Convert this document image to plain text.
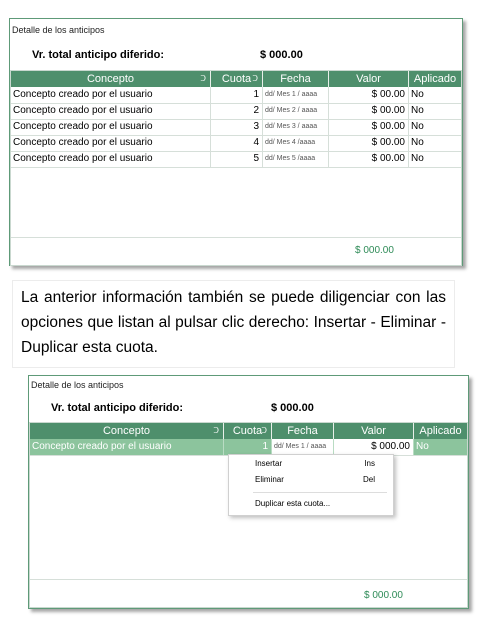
Detalle de los anticipos
Vr. total anticipo diferido:	$ 000.00
Concepto	Ↄ	Cuota Ↄ	Fecha	Valor	Aplicado
Concepto creado por el usuario	1 dd/ Mes 1 / aaaa	$ 00.00 No
Concepto creado por el usuario	2 dd/ Mes 2 / aaaa	$ 00.00 No
Concepto creado por el usuario	3 dd/ Mes 3 / aaaa	$ 00.00 No
Concepto creado por el usuario	4 dd/ Mes 4 /aaaa	$ 00.00 No
Concepto creado por el usuario	5 dd/ Mes 5 /aaaa	$ 00.00 No
$ 000.00
La anterior información también se puede diligenciar con las opciones que listan al pulsar clic derecho: Insertar - Eliminar - Duplicar esta cuota.
Detalle de los anticipos
Vr. total anticipo diferido:	$ 000.00
Concepto	Ↄ	Cuota Ↄ	Fecha	Valor	Aplicado
Concepto creado por el usuario	1 dd/ Mes 1 / aaaa	$ 000.00 No
$ 000.00
Insertar	Ins
Eliminar	Del
Duplicar esta cuota...
